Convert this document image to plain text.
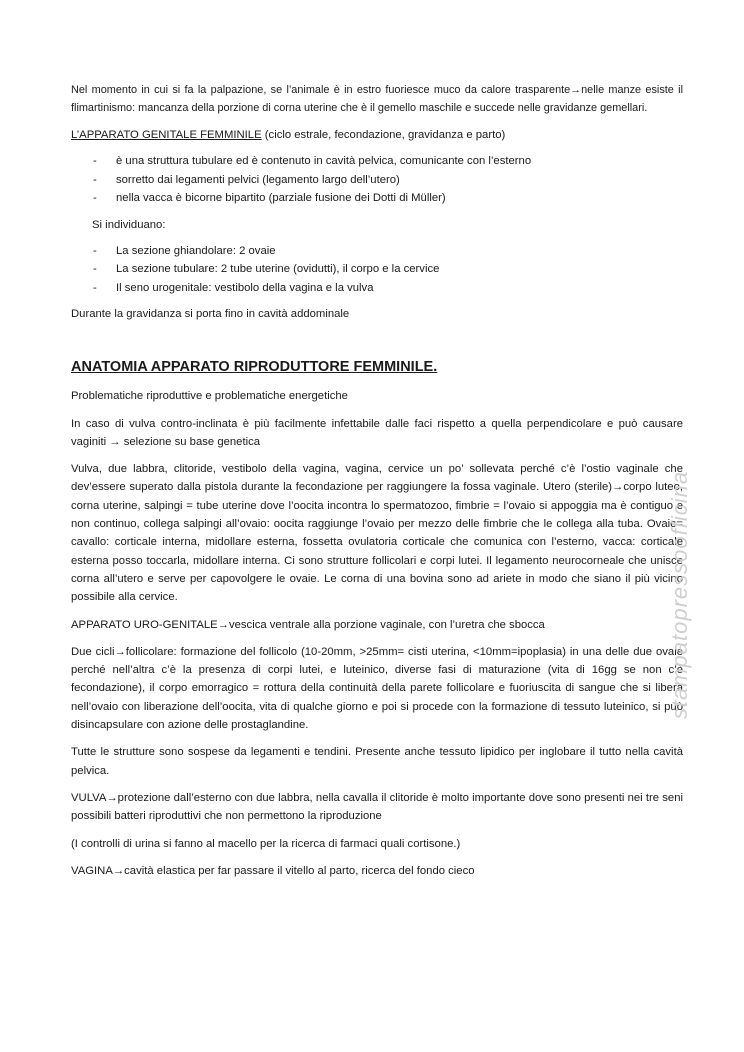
Nel momento in cui si fa la palpazione, se l’animale è in estro fuoriesce muco da calore trasparente→nelle manze esiste il flimartinismo: mancanza della porzione di corna uterine che è il gemello maschile e succede nelle gravidanze gemellari.

L’APPARATO GENITALE FEMMINILE (ciclo estrale, fecondazione, gravidanza e parto)
- è una struttura tubulare ed è contenuto in cavità pelvica, comunicante con l’esterno
- sorretto dai legamenti pelvici (legamento largo dell’utero)
- nella vacca è bicorne bipartito (parziale fusione dei Dotti di Müller)
Si individuano:
- La sezione ghiandolare: 2 ovaie
- La sezione tubulare: 2 tube uterine (ovidutti), il corpo e la cervice
- Il seno urogenitale: vestibolo della vagina e la vulva

Durante la gravidanza si porta fino in cavità addominale

ANATOMIA APPARATO RIPRODUTTORE FEMMINILE.

Problematiche riproduttive e problematiche energetiche

In caso di vulva contro-inclinata è più facilmente infettabile dalle faci rispetto a quella perpendicolare e può causare vaginiti → selezione su base genetica

Vulva, due labbra, clitoride, vestibolo della vagina, vagina, cervice un po’ sollevata perché c’è l’ostio vaginale che dev’essere superato dalla pistola durante la fecondazione per raggiungere la fossa vaginale. Utero (sterile)→corpo luteo, corna uterine, salpingi = tube uterine dove l’oocita incontra lo spermatozoo, fimbrie = l’ovaio si appoggia ma è contiguo e non continuo, collega salpingi all’ovaio: oocita raggiunge l’ovaio per mezzo delle fimbrie che le collega alla tuba. Ovaie= cavallo: corticale interna, midollare esterna, fossetta ovulatoria corticale che comunica con l’esterno, vacca: corticale esterna posso toccarla, midollare interna. Ci sono strutture follicolari e corpi lutei. Il legamento neurocorneale che unisce corna all’utero e serve per capovolgere le ovaie. Le corna di una bovina sono ad ariete in modo che siano il più vicino possibile alla cervice.

APPARATO URO-GENITALE→vescica ventrale alla porzione vaginale, con l’uretra che sbocca

Due cicli→follicolare: formazione del follicolo (10-20mm, >25mm= cisti uterina, <10mm=ipoplasia) in una delle due ovaie perché nell’altra c’è la presenza di corpi lutei, e luteinico, diverse fasi di maturazione (vita di 16gg se non c’è fecondazione), il corpo emorragico = rottura della continuità della parete follicolare e fuoriuscita di sangue che si libera nell’ovaio con liberazione dell’oocita, vita di qualche giorno e poi si procede con la formazione di tessuto luteinico, si può disincapsulare con azione delle prostaglandine.

Tutte le strutture sono sospese da legamenti e tendini. Presente anche tessuto lipidico per inglobare il tutto nella cavità pelvica.

VULVA→protezione dall’esterno con due labbra, nella cavalla il clitoride è molto importante dove sono presenti nei tre seni possibili batteri riproduttivi che non permettono la riproduzione

(I controlli di urina si fanno al macello per la ricerca di farmaci quali cortisone.)

VAGINA→cavità elastica per far passare il vitello al parto, ricerca del fondo cieco

stampatopressoofficina
